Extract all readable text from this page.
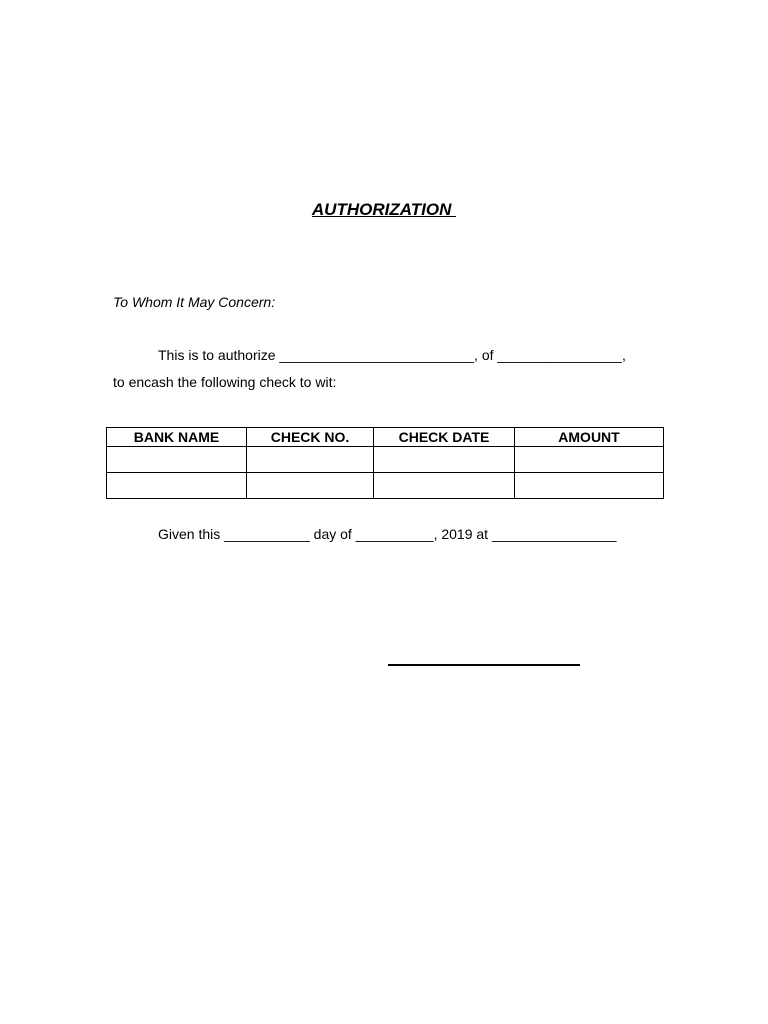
AUTHORIZATION
To Whom It May Concern:
This is to authorize _________________________, of ________________,
to encash the following check to wit:
BANK NAME	CHECK NO.	CHECK DATE	AMOUNT

Given this ___________ day of __________, 2019 at ________________
